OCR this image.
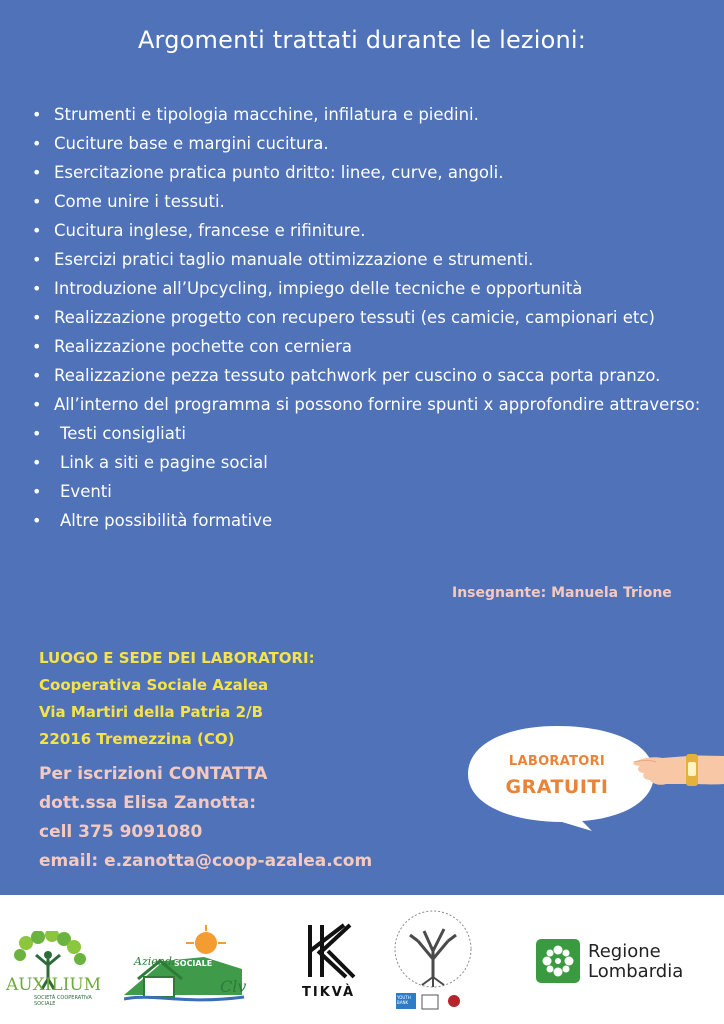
Argomenti trattati durante le lezioni:
• Strumenti e tipologia macchine, infilatura e piedini.
• Cuciture base e margini cucitura.
• Esercitazione pratica punto dritto: linee, curve, angoli.
• Come unire i tessuti.
• Cucitura inglese, francese e rifiniture.
• Esercizi pratici taglio manuale ottimizzazione e strumenti.
• Introduzione all’Upcycling, impiego delle tecniche e opportunità
• Realizzazione progetto con recupero tessuti (es camicie, campionari etc)
• Realizzazione pochette con cerniera
• Realizzazione pezza tessuto patchwork per cuscino o sacca porta pranzo.
• All’interno del programma si possono fornire spunti x approfondire attraverso:
• Testi consigliati
• Link a siti e pagine social
• Eventi
• Altre possibilità formative
Insegnante: Manuela Trione
LUOGO E SEDE DEI LABORATORI:
Cooperativa Sociale Azalea
Via Martiri della Patria 2/B
22016 Tremezzina (CO)
Per iscrizioni CONTATTA
dott.ssa Elisa Zanotta:
cell 375 9091080
email: e.zanotta@coop-azalea.com
LABORATORI
GRATUITI
AUXILIUM
SOCIETÀ COOPERATIVA SOCIALE
Azienda
SOCIALE
Clv	TIKVÀ	YOUTH BANK
Regione
Lombardia
